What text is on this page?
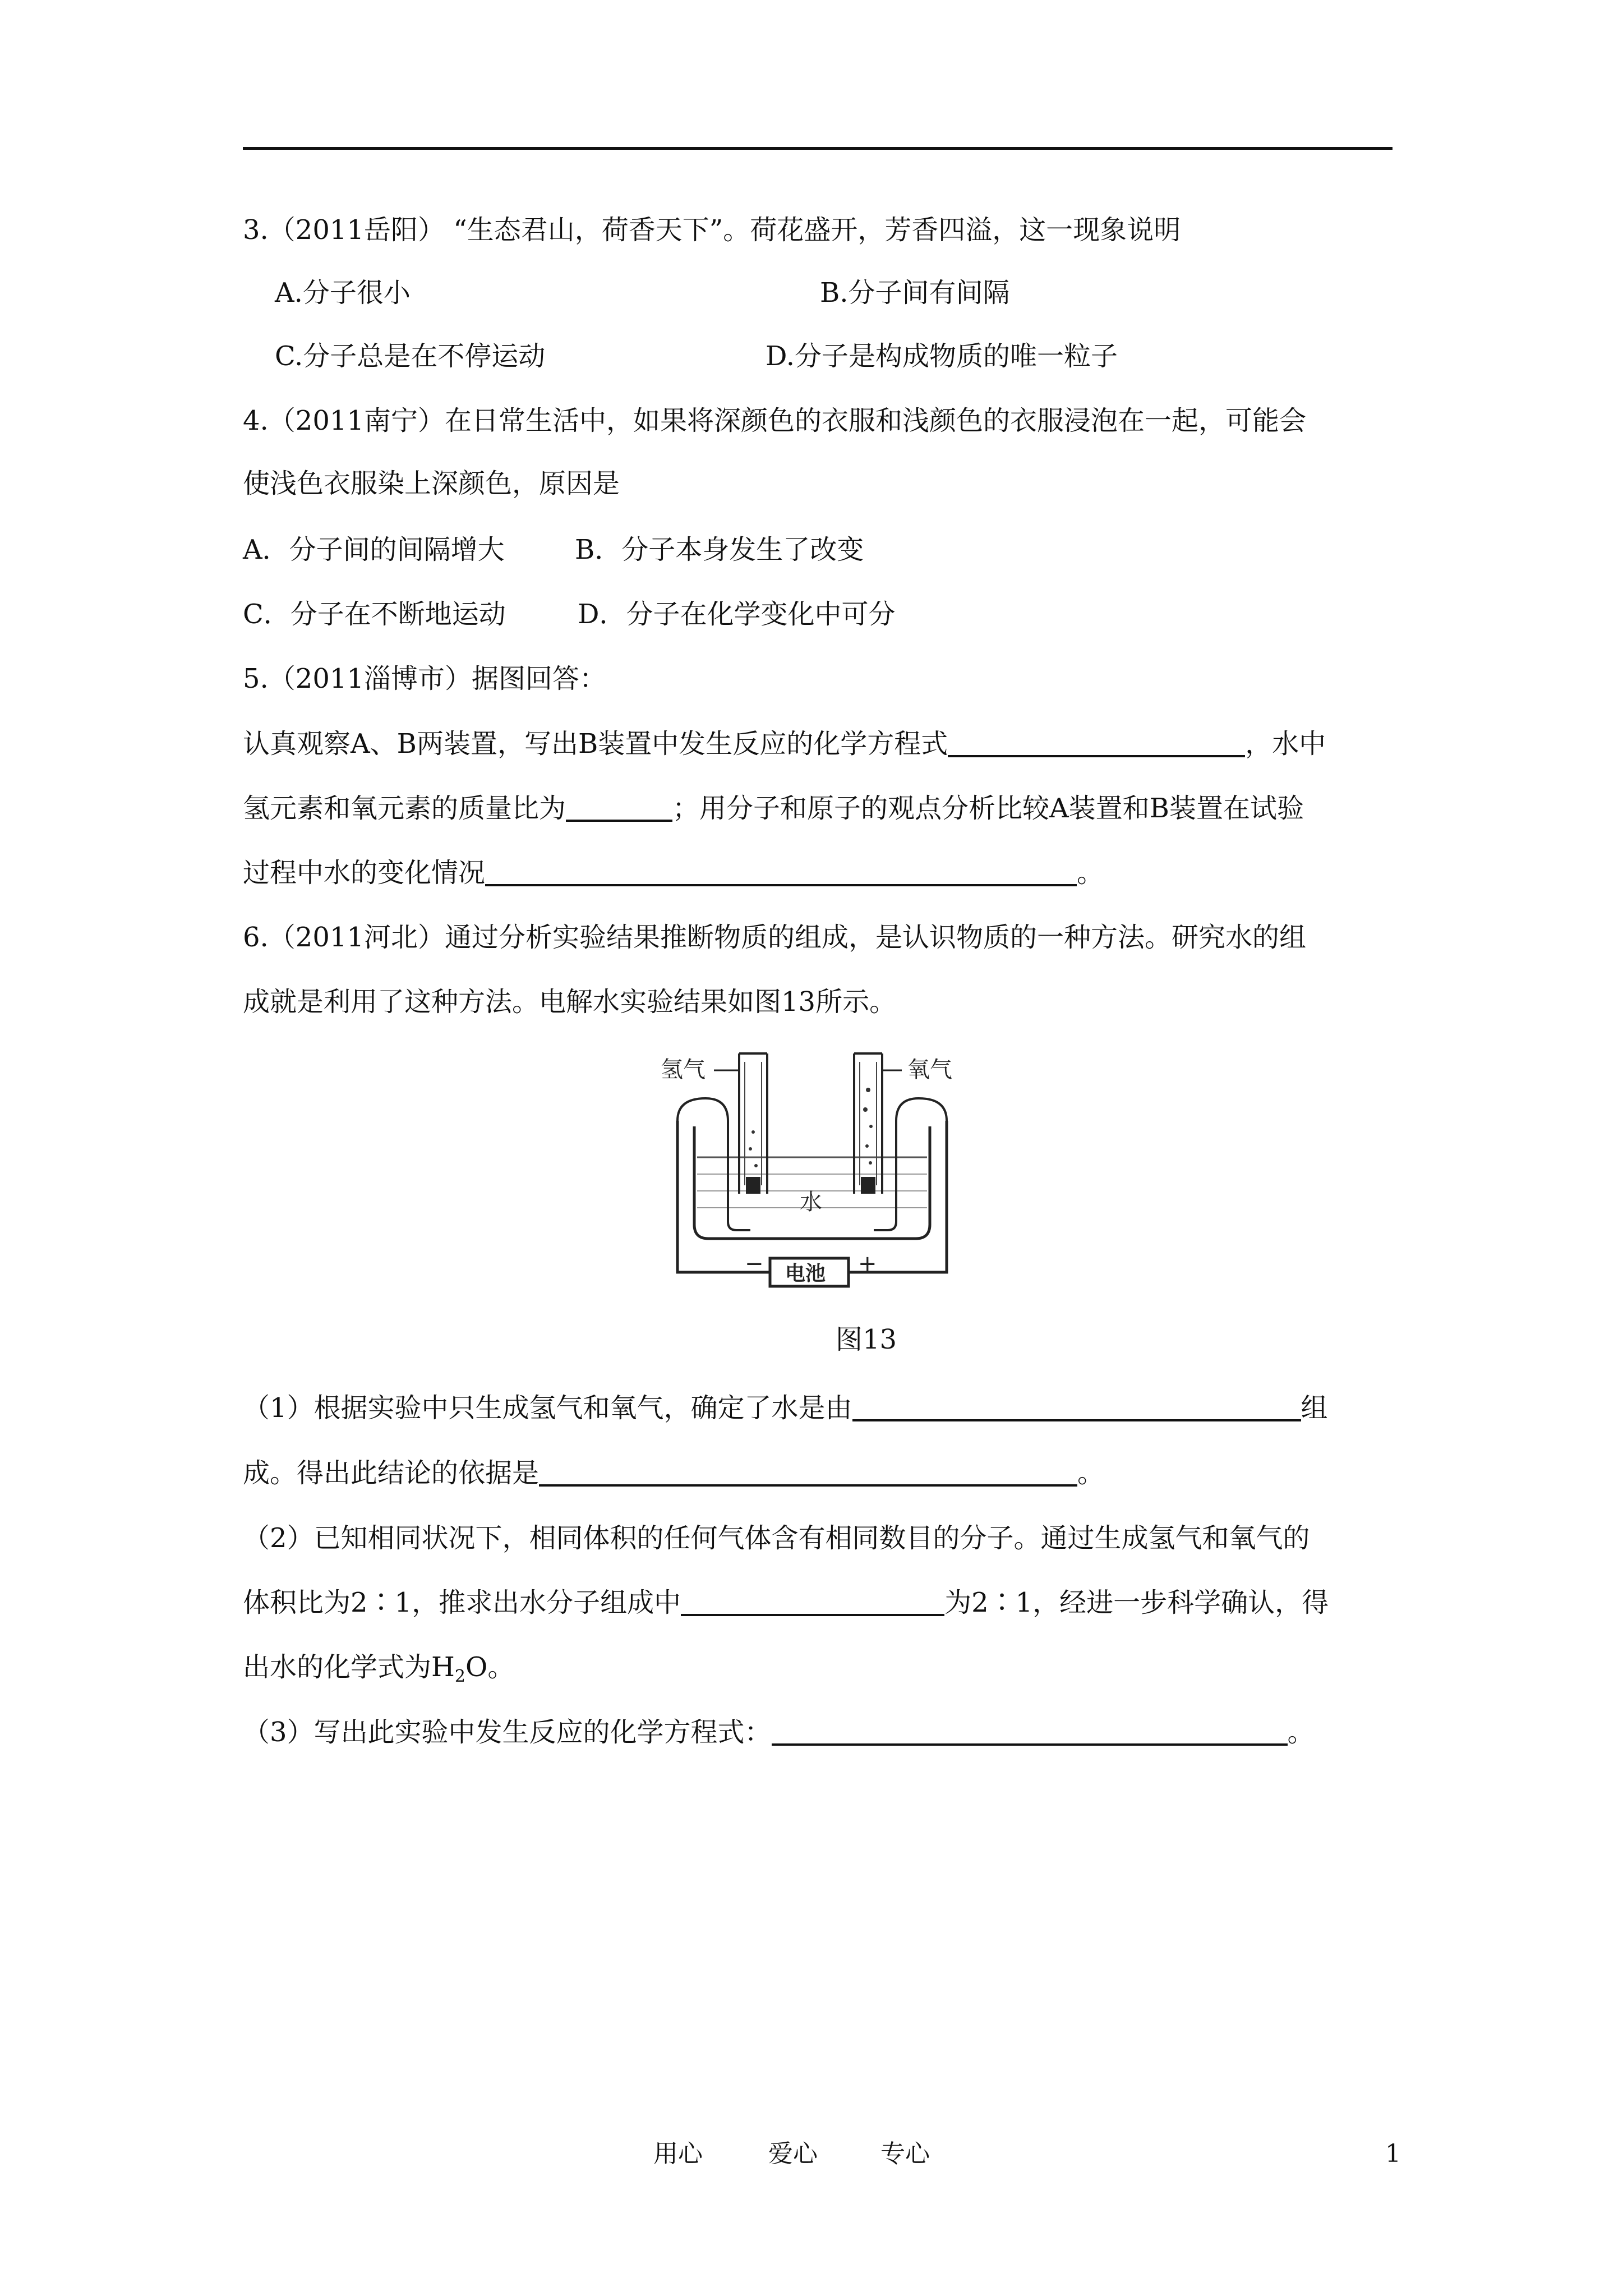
3.（2011岳阳） “生态君山，荷香天下”。荷花盛开，芳香四溢，这一现象说明
A.分子很小	B.分子间有间隔
C.分子总是在不停运动	D.分子是构成物质的唯一粒子
4.（2011南宁）在日常生活中，如果将深颜色的衣服和浅颜色的衣服浸泡在一起，可能会
使浅色衣服染上深颜色，原因是
A．分子间的间隔增大	B．分子本身发生了改变
C．分子在不断地运动	D．分子在化学变化中可分
5.（2011淄博市）据图回答：
认真观察A、B两装置，写出B装置中发生反应的化学方程式	，水中
氢元素和氧元素的质量比为	；用分子和原子的观点分析比较A装置和B装置在试验
过程中水的变化情况	。
6.（2011河北）通过分析实验结果推断物质的组成，是认识物质的一种方法。研究水的组
成就是利用了这种方法。电解水实验结果如图13所示。
氢气	氧气
水
电池
−	+
图13
（1）根据实验中只生成氢气和氧气，确定了水是由	组
成。得出此结论的依据是	。
（2）已知相同状况下，相同体积的任何气体含有相同数目的分子。通过生成氢气和氧气的
体积比为2∶1，推求出水分子组成中	为2∶1，经进一步科学确认，得
出水的化学式为$H_2O$。
（3）写出此实验中发生反应的化学方程式：	。
用心	爱心	专心	1
